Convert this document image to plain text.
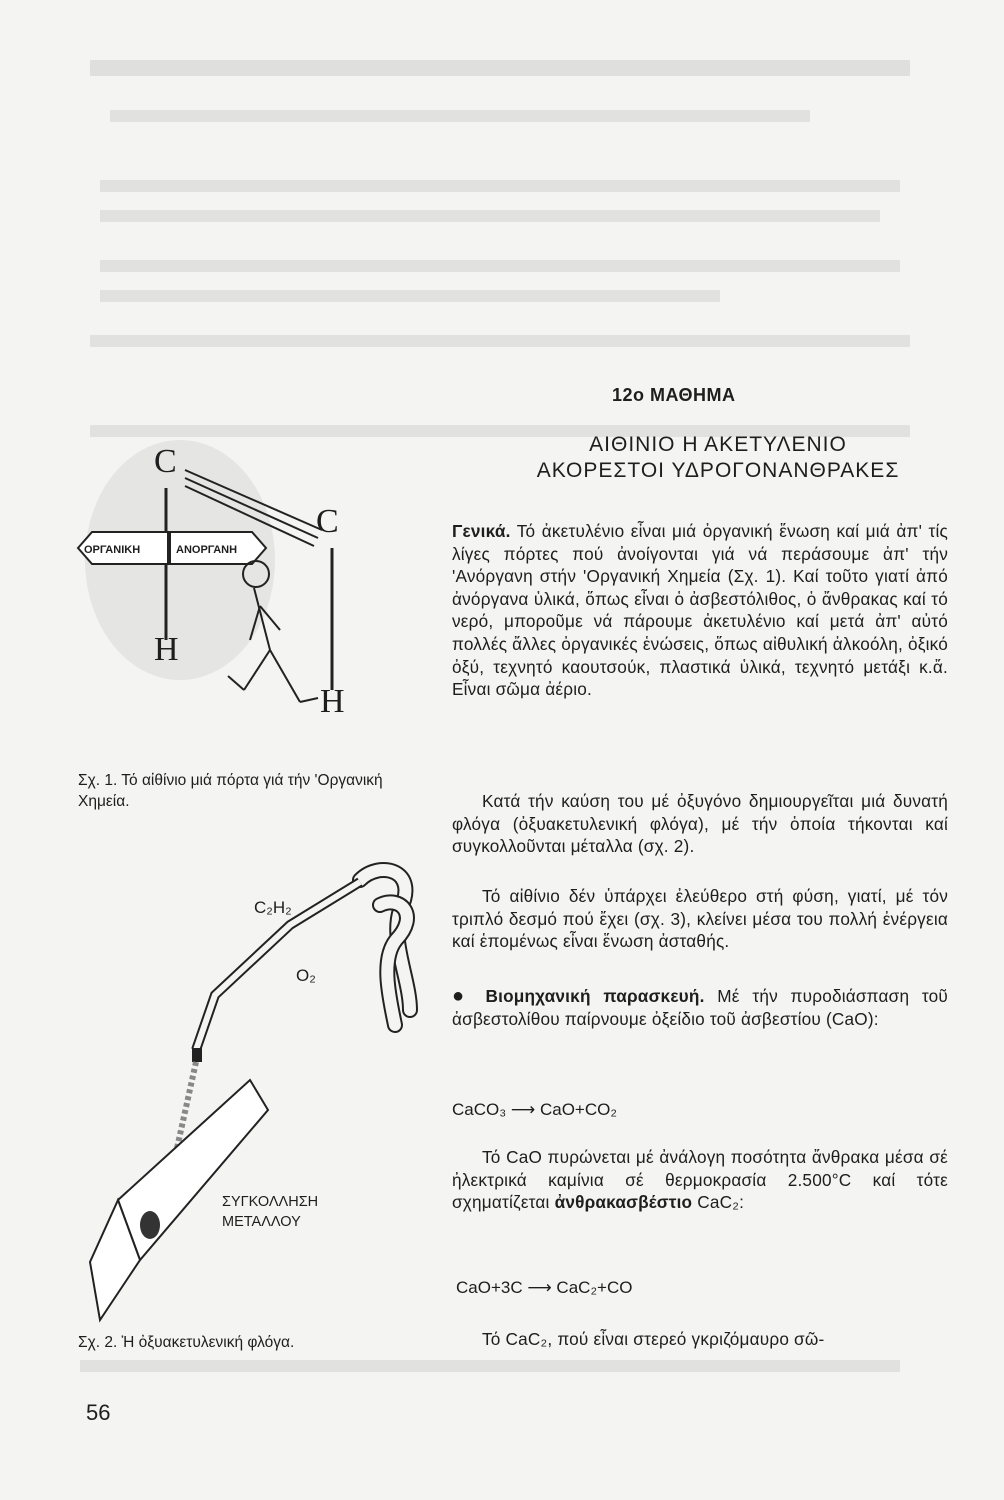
12ο ΜΑΘΗΜΑ
ΑΙΘΙΝΙΟ Η ΑΚΕΤΥΛΕΝΙΟ
ΑΚΟΡΕΣΤΟΙ ΥΔΡΟΓΟΝΑΝΘΡΑΚΕΣ

Γενικά. Τό ἀκετυλένιο εἶναι μιά ὀργανική ἕνωση καί μιά ἀπ' τίς λίγες πόρτες πού ἀνοίγονται γιά νά περάσουμε ἀπ' τήν 'Ανόργανη στήν 'Οργανική Χημεία (Σχ. 1). Καί τοῦτο γιατί ἀπό ἀνόργανα ὑλικά, ὅπως εἶναι ὁ ἀσβεστόλιθος, ὁ ἄνθρακας καί τό νερό, μποροῦμε νά πάρουμε ἀκετυλένιο καί μετά ἀπ' αὐτό πολλές ἄλλες ὀργανικές ἑνώσεις, ὅπως αἰθυλική ἀλκοόλη, ὀξικό ὀξύ, τεχνητό καουτσούκ, πλαστικά ὑλικά, τεχνητό μετάξι κ.ἄ. Εἶναι σῶμα ἀέριο.

Κατά τήν καύση του μέ ὀξυγόνο δημιουργεῖται μιά δυνατή φλόγα (ὀξυακετυλενική φλόγα), μέ τήν ὁποία τήκονται καί συγκολλοῦνται μέταλλα (σχ. 2).

Τό αἰθίνιο δέν ὑπάρχει ἐλεύθερο στή φύση, γιατί, μέ τόν τριπλό δεσμό πού ἔχει (σχ. 3), κλείνει μέσα του πολλή ἐνέργεια καί ἑπομένως εἶναι ἕνωση ἀσταθής.

● Βιομηχανική παρασκευή. Μέ τήν πυροδιάσπαση τοῦ ἀσβεστολίθου παίρνουμε ὀξείδιο τοῦ ἀσβεστίου (CaO):

CaCO₃ ⟶ CaO+CO₂

Τό CaO πυρώνεται μέ ἀνάλογη ποσότητα ἄνθρακα μέσα σέ ἠλεκτρικά καμίνια σέ θερμοκρασία 2.500°C καί τότε σχηματίζεται ἀνθρακασβέστιο CaC₂:

CaO+3C ⟶ CaC₂+CO

Τό CaC₂, πού εἶναι στερεό γκριζόμαυρο σῶ-

ΟΡΓΑΝΙΚΗ	ΑΝΟΡΓΑΝΗ
C
C
H
H
Σχ. 1. Τό αἰθίνιο μιά πόρτα γιά τήν 'Οργανική Χημεία.
C₂H₂
O₂
ΣΥΓΚΟΛΛΗΣΗ
ΜΕΤΑΛΛΟΥ
Σχ. 2. Ἡ ὀξυακετυλενική φλόγα.
56
